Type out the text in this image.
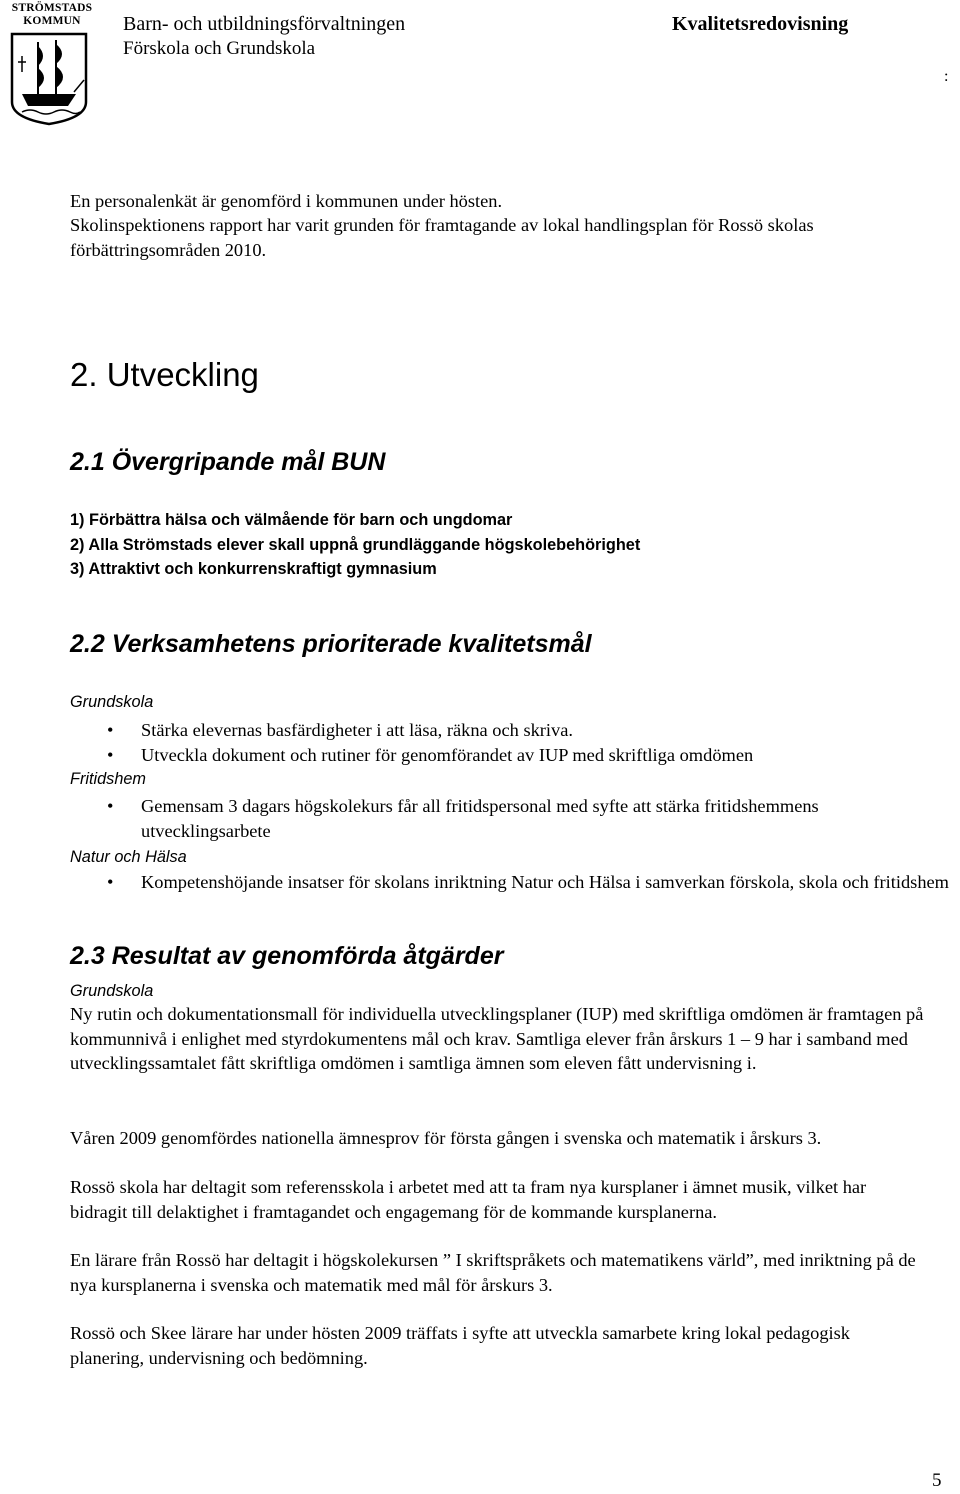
STRÖMSTADS
KOMMUN	Barn- och utbildningsförvaltningen
Förskola och Grundskola
Kvalitetsredovisning
:
En personalenkät är genomförd i kommunen under hösten.
Skolinspektionens rapport har varit grunden för framtagande av lokal handlingsplan för Rossö skolas förbättringsområden 2010.
2. Utveckling
2.1 Övergripande mål BUN
1) Förbättra hälsa och välmående för barn och ungdomar
2) Alla Strömstads elever skall uppnå grundläggande högskolebehörighet
3) Attraktivt och konkurrenskraftigt gymnasium
2.2 Verksamhetens prioriterade kvalitetsmål
Grundskola
• Stärka elevernas basfärdigheter i att läsa, räkna och skriva.
• Utveckla dokument och rutiner för genomförandet av IUP med skriftliga omdömen
Fritidshem
• Gemensam 3 dagars högskolekurs får all fritidspersonal med syfte att stärka fritidshemmens utvecklingsarbete
Natur och Hälsa
• Kompetenshöjande insatser för skolans inriktning Natur och Hälsa i samverkan förskola, skola och fritidshem
2.3 Resultat av genomförda åtgärder
Grundskola
Ny rutin och dokumentationsmall för individuella utvecklingsplaner (IUP) med skriftliga omdömen är framtagen på kommunnivå i enlighet med styrdokumentens mål och krav. Samtliga elever från årskurs 1 – 9 har i samband med utvecklingssamtalet fått skriftliga omdömen i samtliga ämnen som eleven fått undervisning i.
Våren 2009 genomfördes nationella ämnesprov för första gången i svenska och matematik i årskurs 3.
Rossö skola har deltagit som referensskola i arbetet med att ta fram nya kursplaner i ämnet musik, vilket har bidragit till delaktighet i framtagandet och engagemang för de kommande kursplanerna.
En lärare från Rossö har deltagit i högskolekursen ” I skriftspråkets och matematikens värld”, med inriktning på de nya kursplanerna i svenska och matematik med mål för årskurs 3.
Rossö och Skee lärare har under hösten 2009 träffats i syfte att utveckla samarbete kring lokal pedagogisk planering, undervisning och bedömning.
5
